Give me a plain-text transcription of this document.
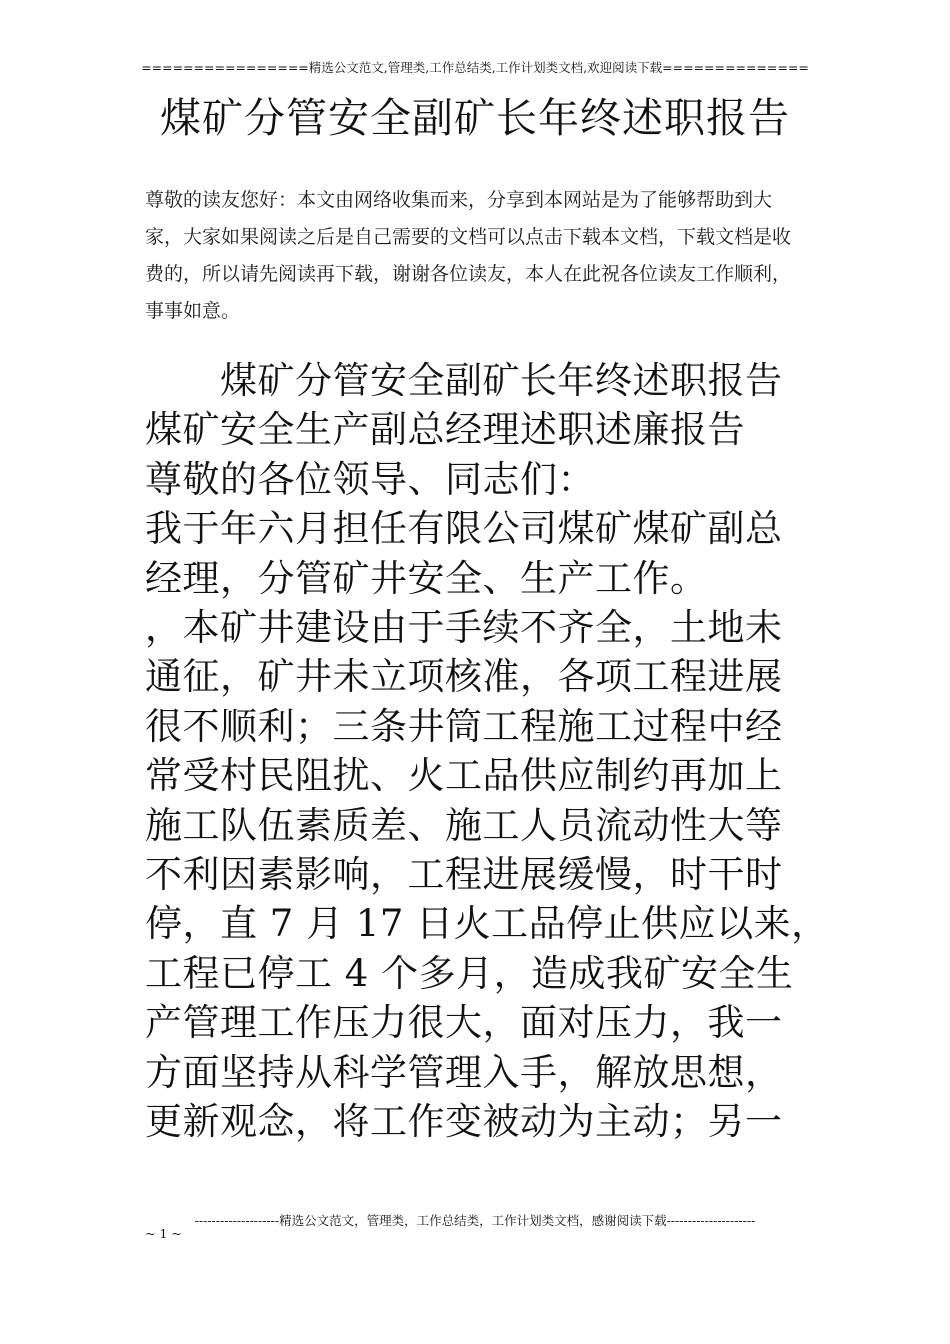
================精选公文范文,管理类,工作总结类,工作计划类文档,欢迎阅读下载==============
煤矿分管安全副矿长年终述职报告
尊敬的读友您好：本文由网络收集而来，分享到本网站是为了能够帮助到大家，大家如果阅读之后是自己需要的文档可以点击下载本文档，下载文档是收费的，所以请先阅读再下载，谢谢各位读友，本人在此祝各位读友工作顺利，事事如意。
煤矿分管安全副矿长年终述职报告
煤矿安全生产副总经理述职述廉报告
尊敬的各位领导、同志们：
我于年六月担任有限公司煤矿煤矿副总
经理，分管矿井安全、生产工作。
，本矿井建设由于手续不齐全，土地未
通征，矿井未立项核准，各项工程进展
很不顺利；三条井筒工程施工过程中经
常受村民阻扰、火工品供应制约再加上
施工队伍素质差、施工人员流动性大等
不利因素影响，工程进展缓慢，时干时
停，直 7 月 17 日火工品停止供应以来，
工程已停工 4 个多月，造成我矿安全生
产管理工作压力很大，面对压力，我一
方面坚持从科学管理入手，解放思想，
更新观念，将工作变被动为主动；另一
--------------------精选公文范文，管理类，工作总结类，工作计划类文档，感谢阅读下载---------------------
~ 1 ~
